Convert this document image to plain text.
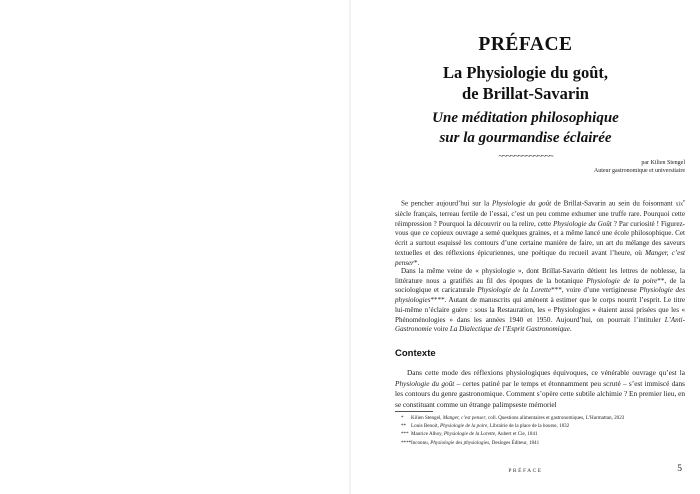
PRÉFACE
La Physiologie du goût,
de Brillat-Savarin
Une méditation philosophique
sur la gourmandise éclairée
~~~~~~~~~~~~~~
par Kilien Stengel
Auteur gastronomique et universitaire

Se pencher aujourd’hui sur la Physiologie du goût de Brillat-Savarin au sein du foisonnant xix$^e$ siècle français, terreau fertile de l’essai, c’est un peu comme exhumer une truffe rare. Pourquoi cette réimpression ? Pourquoi la découvrir ou la relire, cette Physiologie du Goût ? Par curiosité ! Figurez-vous que ce copieux ouvrage a semé quelques graines, et a même lancé une école philosophique. Cet écrit a surtout esquissé les contours d’une certaine manière de faire, un art du mélange des saveurs textuelles et des réflexions épicuriennes, une poétique du recueil avant l’heure, où Manger, c’est penser*.

Dans la même veine de « physiologie », dont Brillat-Savarin détient les lettres de noblesse, la littérature nous a gratifiés au fil des époques de la botanique Physiologie de la poire**, de la sociologique et caricaturale Physiologie de la Lorette***, voire d’une vertigineuse Physiologie des physiologies****. Autant de manuscrits qui amènent à estimer que le corps nourrit l’esprit. Le titre lui-même n’éclaire guère : sous la Restauration, les « Physiologies » étaient aussi prisées que les « Phénoménologies » dans les années 1940 et 1950. Aujourd’hui, on pourrait l’intituler L’Anti-Gastronomie voire La Dialectique de l’Esprit Gastronomique.

Contexte

Dans cette mode des réflexions physiologiques équivoques, ce vénérable ouvrage qu’est la Physiologie du goût – certes patiné par le temps et étonnamment peu scruté – s’est immiscé dans les contours du genre gastronomique. Comment s’opère cette subtile alchimie ? En premier lieu, en se constituant comme un étrange palimpseste mémoriel

* Kilien Stengel, Manger, c’est penser, coll. Questions alimentaires et gastronomiques, L’Harmattan, 2023
** Louis Benoit, Physiologie de la poire, Librairie de la place de la bourse, 1832
*** Maurice Alhoy, Physiologie de la Lorette, Aubert et Cie, 1841
****Inconnu, Physiologie des physiologies, Desloges Éditeur, 1841
PRÉFACE	5
